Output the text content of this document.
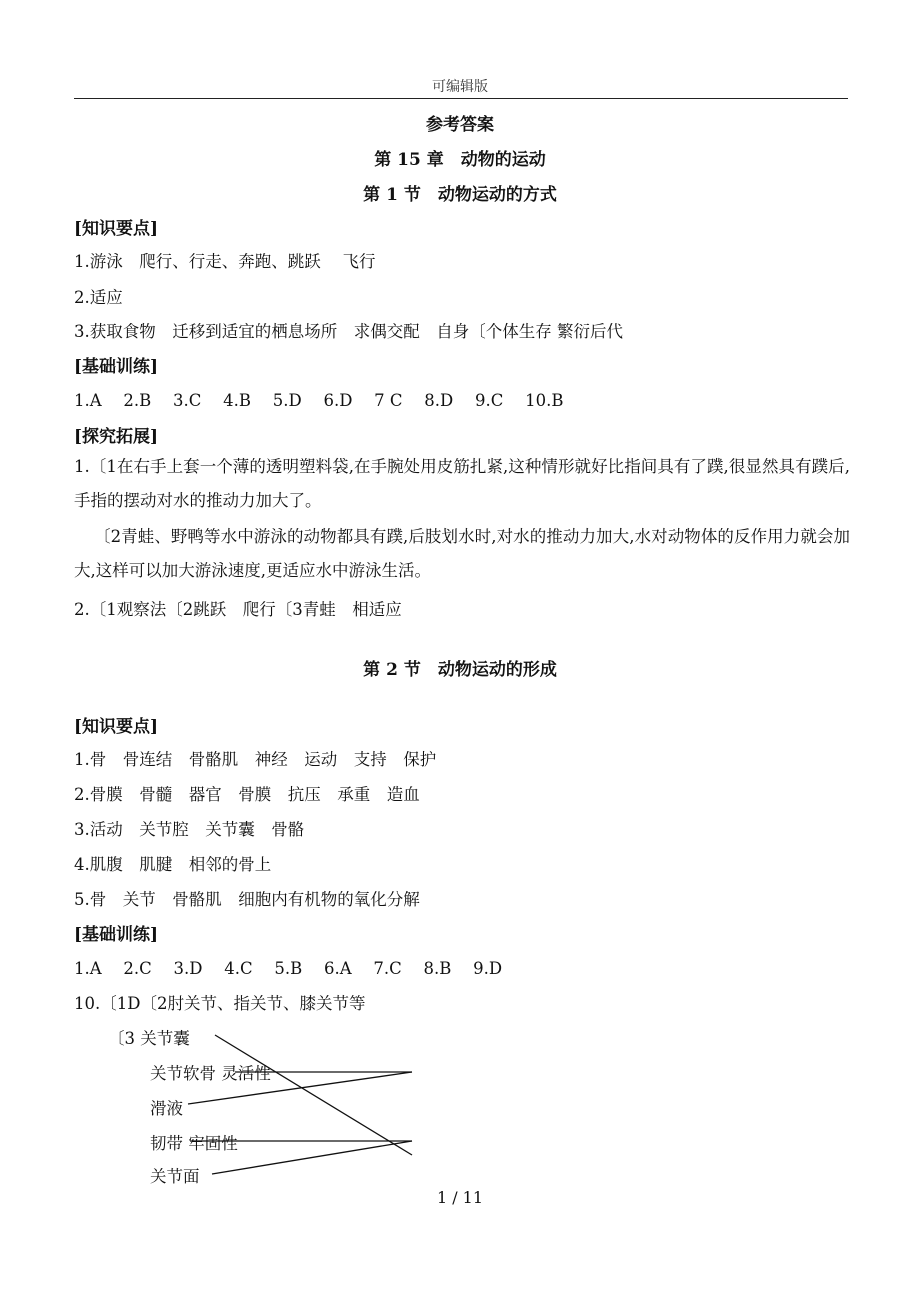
可编辑版
参考答案
第 15 章　动物的运动
第 1 节　动物运动的方式
[知识要点]
1.游泳　爬行、行走、奔跑、跳跃　 飞行
2.适应
3.获取食物　迁移到适宜的栖息场所　求偶交配　自身〔个体生存 繁衍后代
[基础训练]
1.A　 2.B　 3.C　 4.B　 5.D　 6.D　 7 C　 8.D　 9.C　 10.B
[探究拓展]
1.〔1在右手上套一个薄的透明塑料袋,在手腕处用皮筋扎紧,这种情形就好比指间具有了蹼,很显然具有蹼后,手指的摆动对水的推动力加大了。
〔2青蛙、野鸭等水中游泳的动物都具有蹼,后肢划水时,对水的推动力加大,水对动物体的反作用力就会加大,这样可以加大游泳速度,更适应水中游泳生活。
2.〔1观察法〔2跳跃　爬行〔3青蛙　相适应
第 2 节　动物运动的形成
[知识要点]
1.骨　骨连结　骨骼肌　神经　运动　支持　保护
2.骨膜　骨髓　器官　骨膜　抗压　承重　造血
3.活动　关节腔　关节囊　骨骼
4.肌腹　肌腱　相邻的骨上
5.骨　关节　骨骼肌　细胞内有机物的氧化分解
[基础训练]
1.A　 2.C　 3.D　 4.C　 5.B　 6.A　 7.C　 8.B　 9.D
10.〔1D〔2肘关节、指关节、膝关节等
〔3 关节囊
关节软骨 灵活性
滑液
韧带 牢固性
关节面
1 / 11
